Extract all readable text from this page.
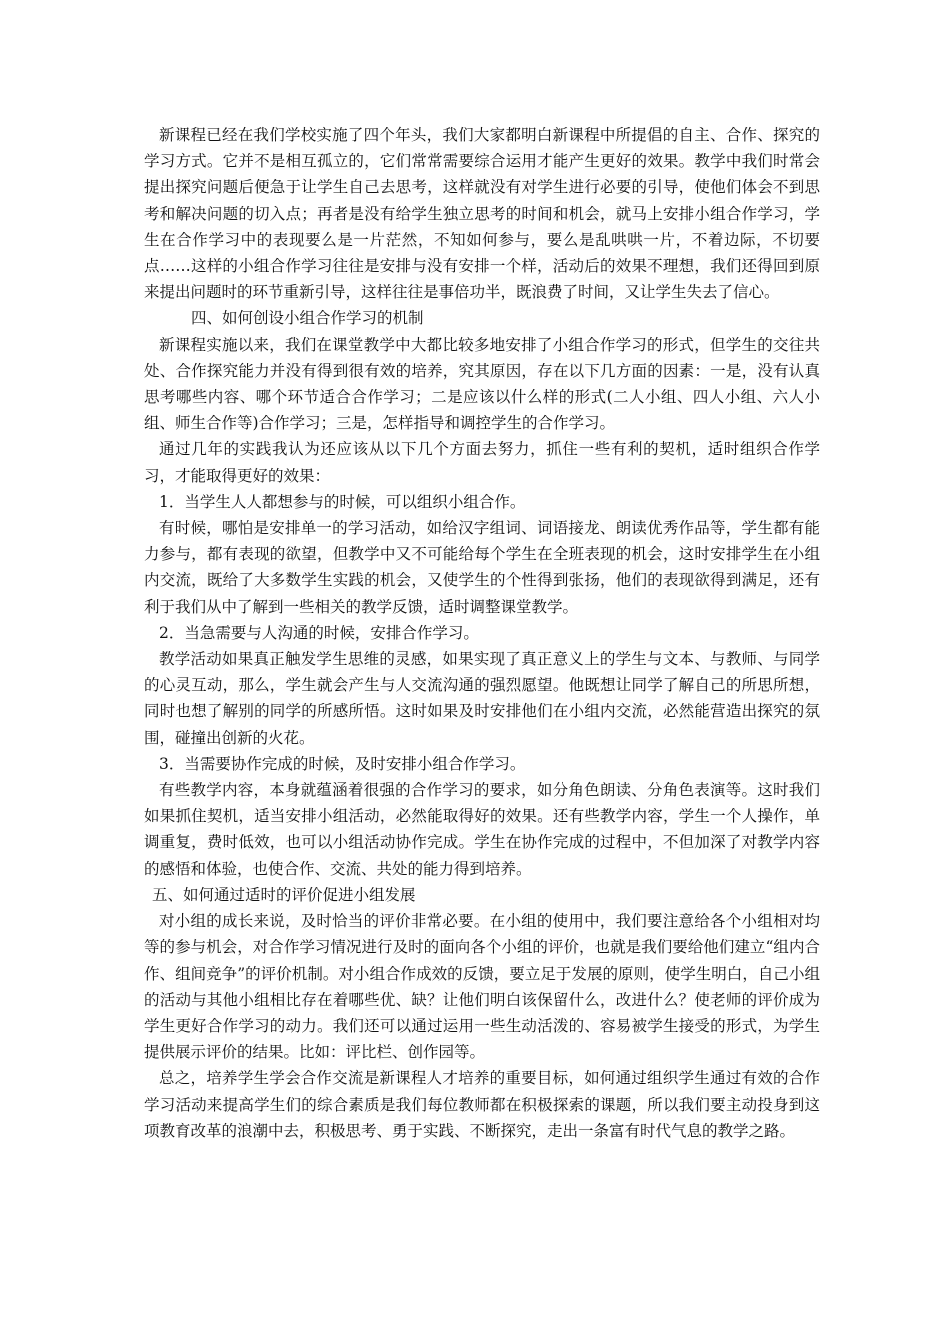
新课程已经在我们学校实施了四个年头，我们大家都明白新课程中所提倡的自主、合作、探究的学习方式。它并不是相互孤立的，它们常常需要综合运用才能产生更好的效果。教学中我们时常会提出探究问题后便急于让学生自己去思考，这样就没有对学生进行必要的引导，使他们体会不到思考和解决问题的切入点；再者是没有给学生独立思考的时间和机会，就马上安排小组合作学习，学生在合作学习中的表现要么是一片茫然，不知如何参与，要么是乱哄哄一片，不着边际，不切要点……这样的小组合作学习往往是安排与没有安排一个样，活动后的效果不理想，我们还得回到原来提出问题时的环节重新引导，这样往往是事倍功半，既浪费了时间，又让学生失去了信心。

四、如何创设小组合作学习的机制

新课程实施以来，我们在课堂教学中大都比较多地安排了小组合作学习的形式，但学生的交往共处、合作探究能力并没有得到很有效的培养，究其原因，存在以下几方面的因素：一是，没有认真思考哪些内容、哪个环节适合合作学习；二是应该以什么样的形式(二人小组、四人小组、六人小组、师生合作等)合作学习；三是，怎样指导和调控学生的合作学习。

通过几年的实践我认为还应该从以下几个方面去努力，抓住一些有利的契机，适时组织合作学习，才能取得更好的效果：

1．当学生人人都想参与的时候，可以组织小组合作。

有时候，哪怕是安排单一的学习活动，如给汉字组词、词语接龙、朗读优秀作品等，学生都有能力参与，都有表现的欲望，但教学中又不可能给每个学生在全班表现的机会，这时安排学生在小组内交流，既给了大多数学生实践的机会，又使学生的个性得到张扬，他们的表现欲得到满足，还有利于我们从中了解到一些相关的教学反馈，适时调整课堂教学。

2．当急需要与人沟通的时候，安排合作学习。

教学活动如果真正触发学生思维的灵感，如果实现了真正意义上的学生与文本、与教师、与同学的心灵互动，那么，学生就会产生与人交流沟通的强烈愿望。他既想让同学了解自己的所思所想，同时也想了解别的同学的所感所悟。这时如果及时安排他们在小组内交流，必然能营造出探究的氛围，碰撞出创新的火花。

3．当需要协作完成的时候，及时安排小组合作学习。

有些教学内容，本身就蕴涵着很强的合作学习的要求，如分角色朗读、分角色表演等。这时我们如果抓住契机，适当安排小组活动，必然能取得好的效果。还有些教学内容，学生一个人操作，单调重复，费时低效，也可以小组活动协作完成。学生在协作完成的过程中，不但加深了对教学内容的感悟和体验，也使合作、交流、共处的能力得到培养。

五、如何通过适时的评价促进小组发展

对小组的成长来说，及时恰当的评价非常必要。在小组的使用中，我们要注意给各个小组相对均等的参与机会，对合作学习情况进行及时的面向各个小组的评价，也就是我们要给他们建立“组内合作、组间竞争”的评价机制。对小组合作成效的反馈，要立足于发展的原则，使学生明白，自己小组的活动与其他小组相比存在着哪些优、缺？让他们明白该保留什么，改进什么？使老师的评价成为学生更好合作学习的动力。我们还可以通过运用一些生动活泼的、容易被学生接受的形式，为学生提供展示评价的结果。比如：评比栏、创作园等。

总之，培养学生学会合作交流是新课程人才培养的重要目标，如何通过组织学生通过有效的合作学习活动来提高学生们的综合素质是我们每位教师都在积极探索的课题，所以我们要主动投身到这项教育改革的浪潮中去，积极思考、勇于实践、不断探究，走出一条富有时代气息的教学之路。
